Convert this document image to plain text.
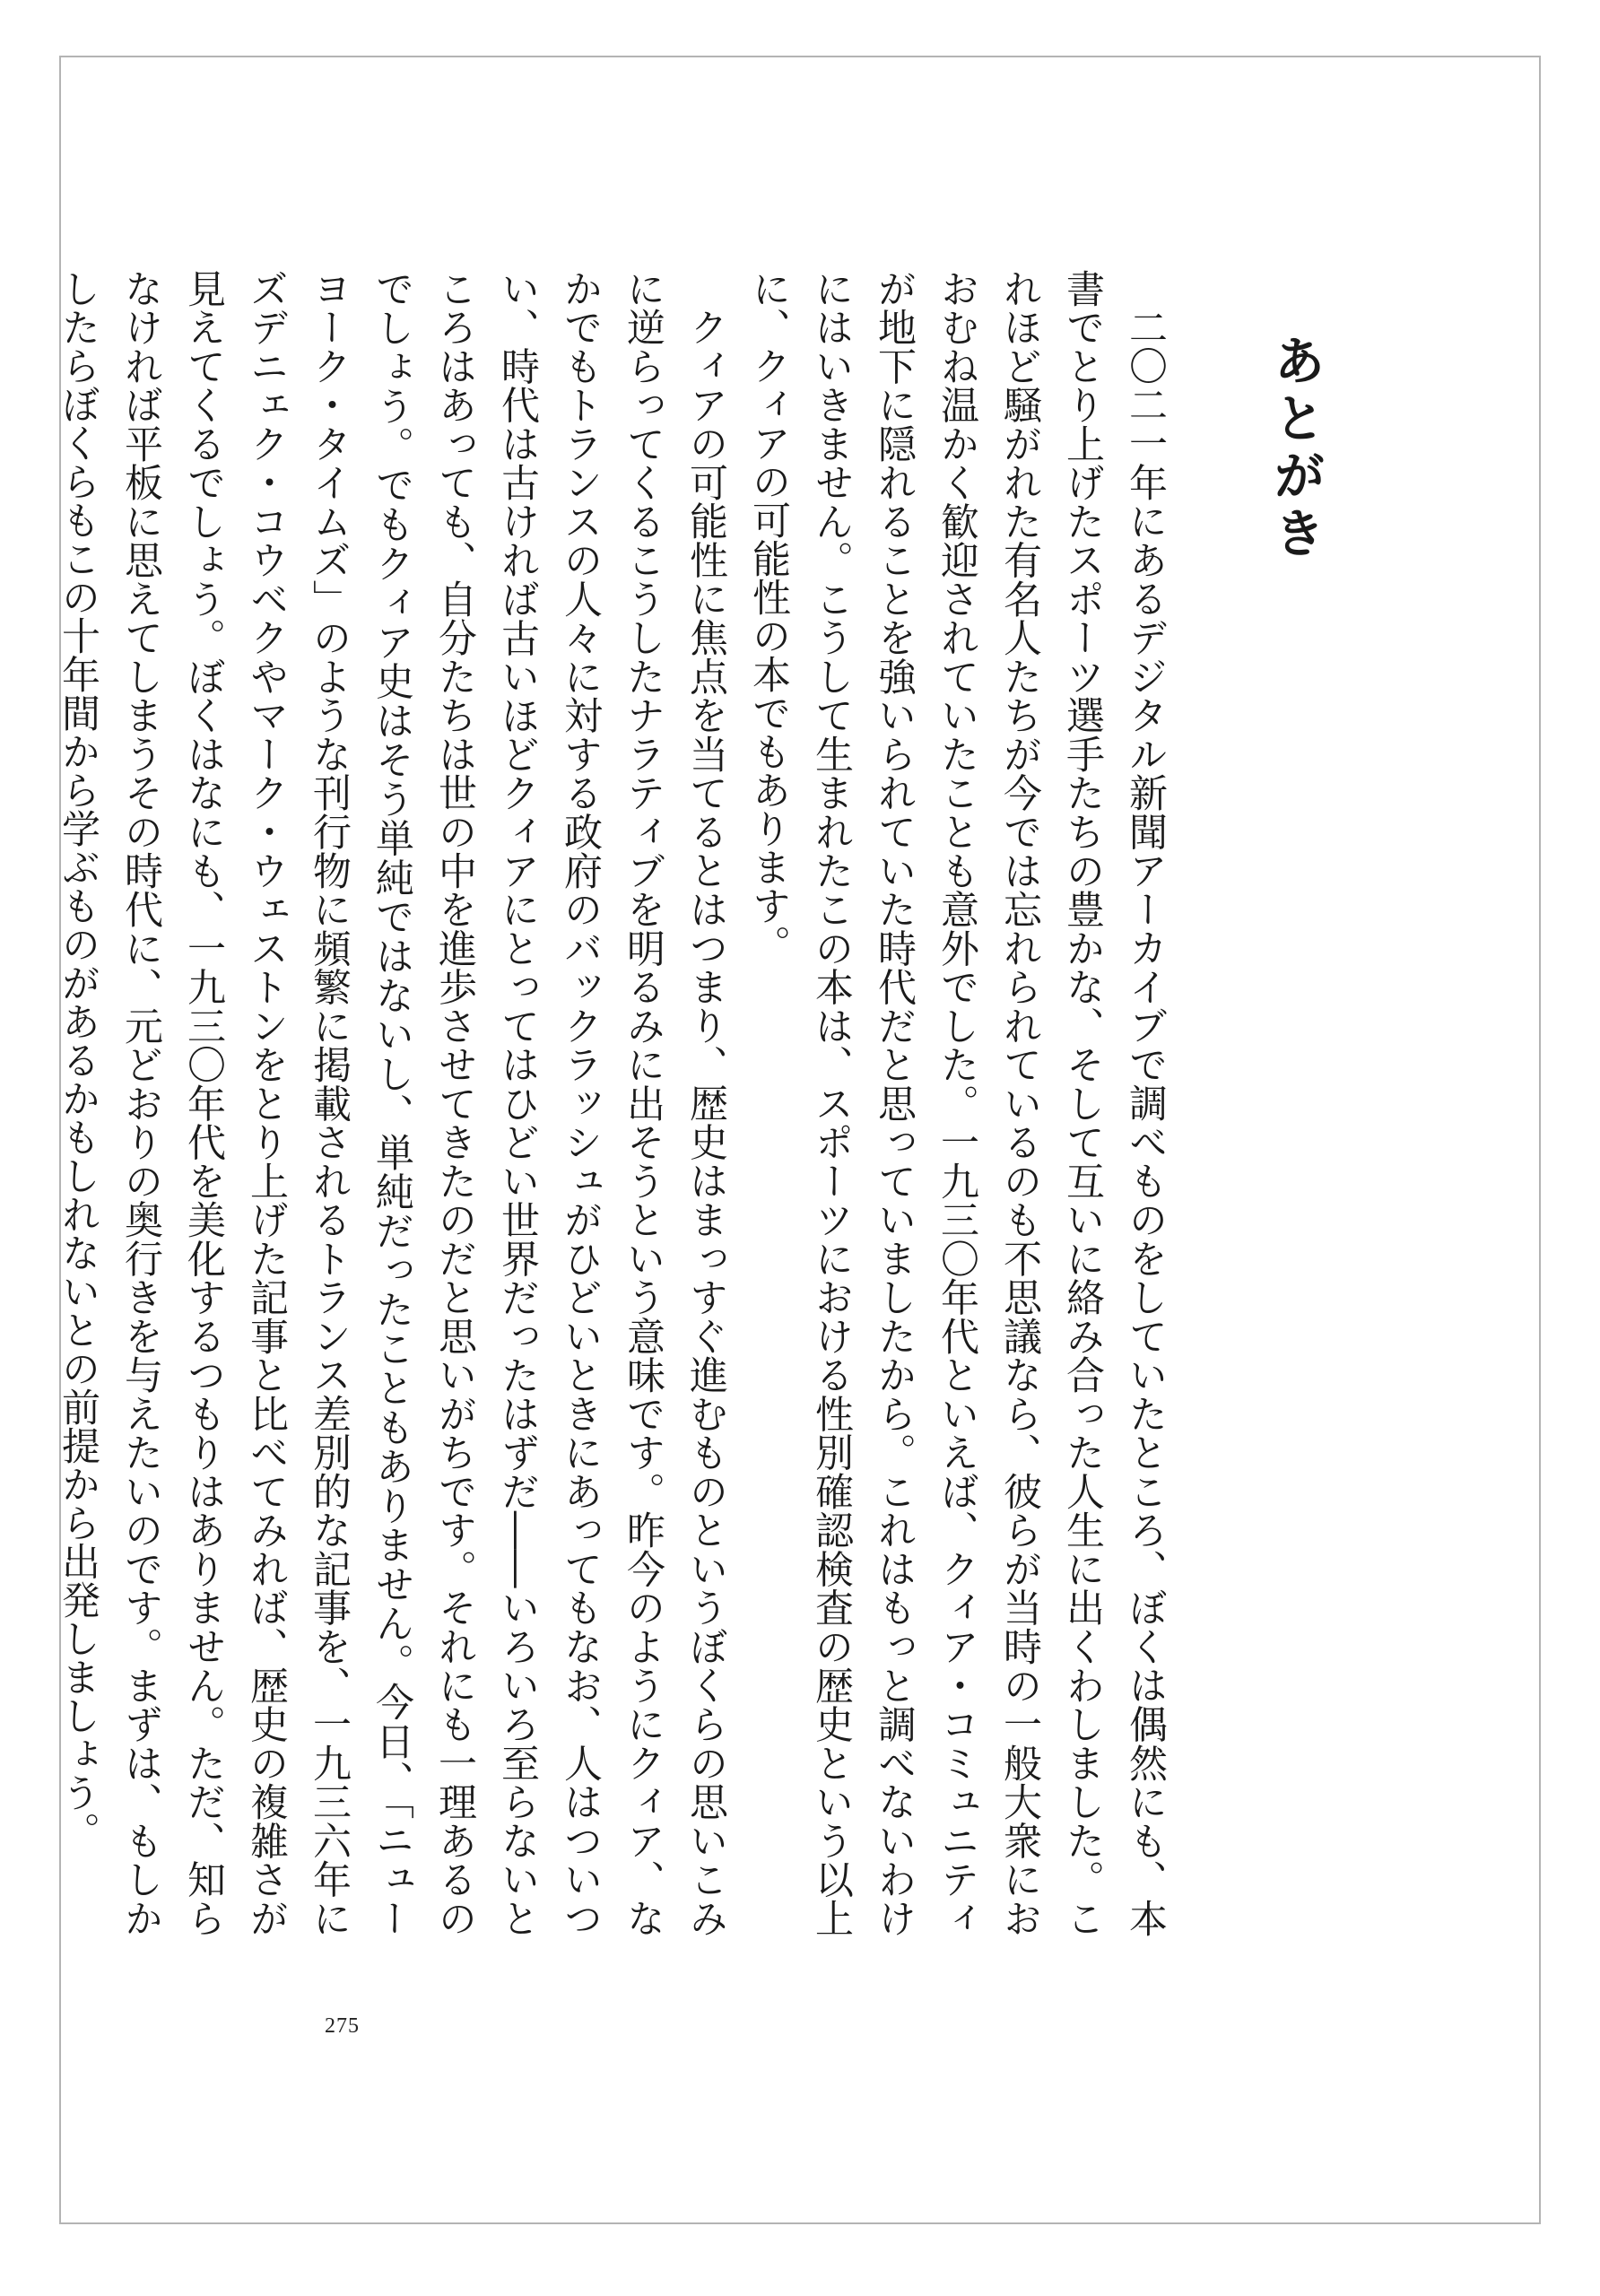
あとがき

二〇二一年にあるデジタル新聞アーカイブで調べものをしていたところ、ぼくは偶然にも、本書でとり上げたスポーツ選手たちの豊かな、そして互いに絡み合った人生に出くわしました。これほど騒がれた有名人たちが今では忘れられているのも不思議なら、彼らが当時の一般大衆におおむね温かく歓迎されていたことも意外でした。一九三〇年代といえば、クィア・コミュニティが地下に隠れることを強いられていた時代だと思っていましたから。これはもっと調べないわけにはいきません。こうして生まれたこの本は、スポーツにおける性別確認検査の歴史という以上に、クィアの可能性の本でもあります。

クィアの可能性に焦点を当てるとはつまり、歴史はまっすぐ進むものというぼくらの思いこみに逆らってくるこうしたナラティブを明るみに出そうという意味です。昨今のようにクィア、なかでもトランスの人々に対する政府のバックラッシュがひどいときにあってもなお、人はついつい、時代は古ければ古いほどクィアにとってはひどい世界だったはずだ――いろいろ至らないところはあっても、自分たちは世の中を進歩させてきたのだと思いがちです。それにも一理あるのでしょう。でもクィア史はそう単純ではないし、単純だったこともありません。今日、「ニューヨーク・タイムズ」のような刊行物に頻繁に掲載されるトランス差別的な記事を、一九三六年にズデニェク・コウベクやマーク・ウェストンをとり上げた記事と比べてみれば、歴史の複雑さが見えてくるでしょう。ぼくはなにも、一九三〇年代を美化するつもりはありません。ただ、知らなければ平板に思えてしまうその時代に、元どおりの奥行きを与えたいのです。まずは、もしかしたらぼくらもこの十年間から学ぶものがあるかもしれないとの前提から出発しましょう。

275
